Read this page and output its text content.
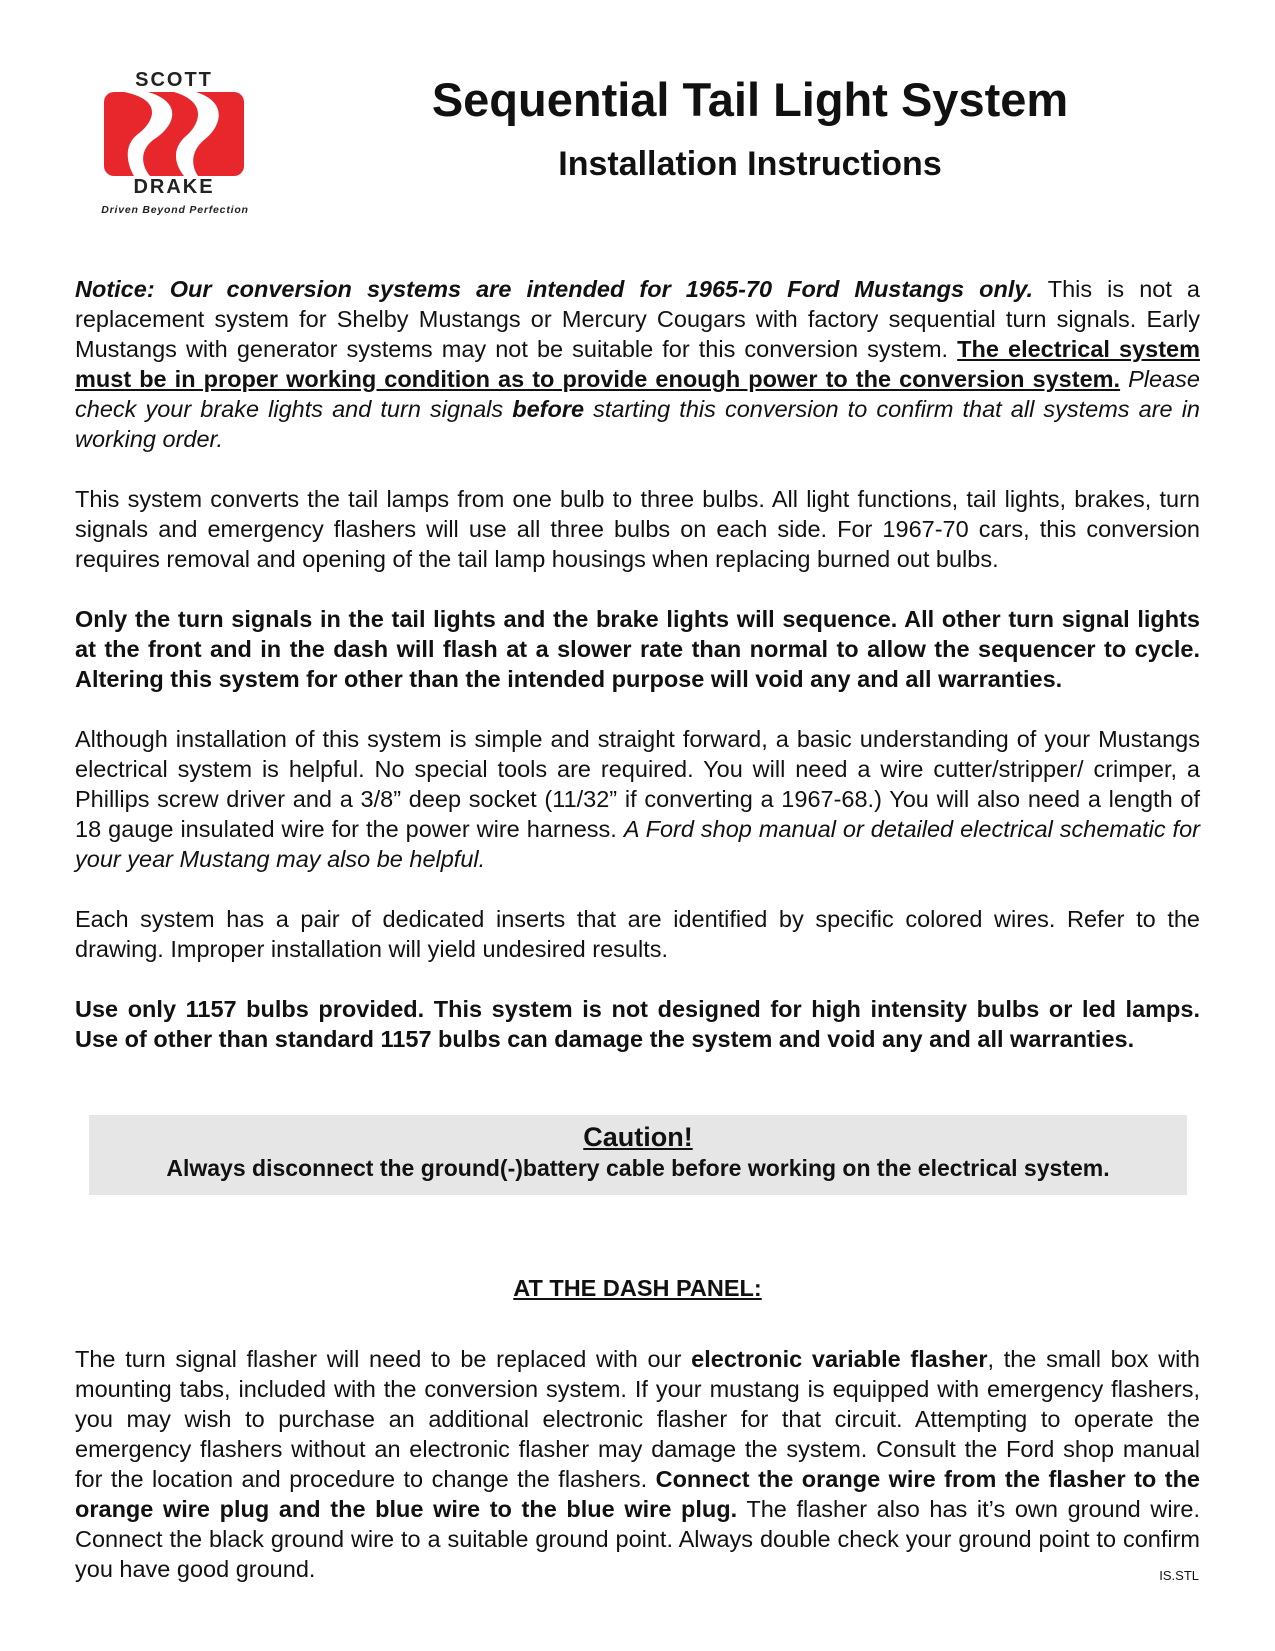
SCOTT
DRAKE
Driven Beyond Perfection
Sequential Tail Light System
Installation Instructions

Notice: Our conversion systems are intended for 1965-70 Ford Mustangs only. This is not a replacement system for Shelby Mustangs or Mercury Cougars with factory sequential turn signals. Early Mustangs with generator systems may not be suitable for this conversion system. The electrical system must be in proper working condition as to provide enough power to the conversion system. Please check your brake lights and turn signals before starting this conversion to confirm that all systems are in working order.

This system converts the tail lamps from one bulb to three bulbs. All light functions, tail lights, brakes, turn signals and emergency flashers will use all three bulbs on each side. For 1967-70 cars, this conversion requires removal and opening of the tail lamp housings when replacing burned out bulbs.

Only the turn signals in the tail lights and the brake lights will sequence. All other turn signal lights at the front and in the dash will flash at a slower rate than normal to allow the sequencer to cycle. Altering this system for other than the intended purpose will void any and all warranties.

Although installation of this system is simple and straight forward, a basic understanding of your Mustangs electrical system is helpful. No special tools are required. You will need a wire cutter/stripper/ crimper, a Phillips screw driver and a 3/8” deep socket (11/32” if converting a 1967-68.) You will also need a length of 18 gauge insulated wire for the power wire harness. A Ford shop manual or detailed electrical schematic for your year Mustang may also be helpful.

Each system has a pair of dedicated inserts that are identified by specific colored wires. Refer to the drawing. Improper installation will yield undesired results.

Use only 1157 bulbs provided. This system is not designed for high intensity bulbs or led lamps. Use of other than standard 1157 bulbs can damage the system and void any and all warranties.

Caution!
Always disconnect the ground(-)battery cable before working on the electrical system.
AT THE DASH PANEL:

The turn signal flasher will need to be replaced with our electronic variable flasher, the small box with mounting tabs, included with the conversion system. If your mustang is equipped with emergency flashers, you may wish to purchase an additional electronic flasher for that circuit. Attempting to operate the emergency flashers without an electronic flasher may damage the system. Consult the Ford shop manual for the location and procedure to change the flashers. Connect the orange wire from the flasher to the orange wire plug and the blue wire to the blue wire plug. The flasher also has it’s own ground wire. Connect the black ground wire to a suitable ground point. Always double check your ground point to confirm you have good ground.	IS.STL
